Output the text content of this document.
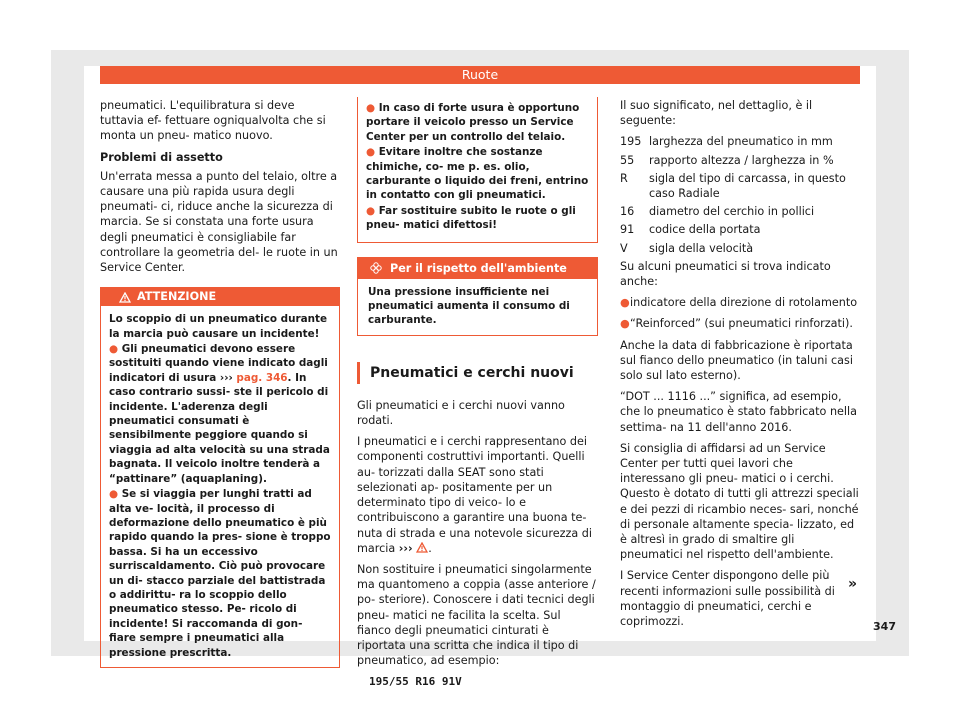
Ruote

pneumatici. L'equilibratura si deve tuttavia ef- fettuare ogniqualvolta che si monta un pneu- matico nuovo.

Problemi di assetto

Un'errata messa a punto del telaio, oltre a causare una più rapida usura degli pneumati- ci, riduce anche la sicurezza di marcia. Se si constata una forte usura degli pneumatici è consigliabile far controllare la geometria del- le ruote in un Service Center.

ATTENZIONE

Lo scoppio di un pneumatico durante la marcia può causare un incidente!

● Gli pneumatici devono essere sostituiti quando viene indicato dagli indicatori di usura ››› pag. 346. In caso contrario sussi- ste il pericolo di incidente. L'aderenza degli pneumatici consumati è sensibilmente peggiore quando si viaggia ad alta velocità su una strada bagnata. Il veicolo inoltre tenderà a “pattinare” (aquaplaning).

● Se si viaggia per lunghi tratti ad alta ve- locità, il processo di deformazione dello pneumatico è più rapido quando la pres- sione è troppo bassa. Si ha un eccessivo surriscaldamento. Ciò può provocare un di- stacco parziale del battistrada o addirittu- ra lo scoppio dello pneumatico stesso. Pe- ricolo di incidente! Si raccomanda di gon- fiare sempre i pneumatici alla pressione prescritta.

● In caso di forte usura è opportuno portare il veicolo presso un Service Center per un controllo del telaio.

● Evitare inoltre che sostanze chimiche, co- me p. es. olio, carburante o liquido dei freni, entrino in contatto con gli pneumatici.

● Far sostituire subito le ruote o gli pneu- matici difettosi!

Per il rispetto dell'ambiente
Una pressione insufficiente nei pneumatici aumenta il consumo di carburante.
Pneumatici e cerchi nuovi

Gli pneumatici e i cerchi nuovi vanno rodati.

I pneumatici e i cerchi rappresentano dei componenti costruttivi importanti. Quelli au- torizzati dalla SEAT sono stati selezionati ap- positamente per un determinato tipo di veico- lo e contribuiscono a garantire una buona te- nuta di strada e una notevole sicurezza di marcia ››› .

Non sostituire i pneumatici singolarmente ma quantomeno a coppia (asse anteriore / po- steriore). Conoscere i dati tecnici degli pneu- matici ne facilita la scelta. Sul fianco degli pneumatici cinturati è riportata una scritta che indica il tipo di pneumatico, ad esempio:

195/55 R16 91V

Il suo significato, nel dettaglio, è il seguente:

195 larghezza del pneumatico in mm
55	rapporto altezza / larghezza in %
R	sigla del tipo di carcassa, in questo caso Radiale
16	diametro del cerchio in pollici
91	codice della portata
V	sigla della velocità

Su alcuni pneumatici si trova indicato anche:

● indicatore della direzione di rotolamento
● “Reinforced” (sui pneumatici rinforzati).

Anche la data di fabbricazione è riportata sul fianco dello pneumatico (in taluni casi solo sul lato esterno).

“DOT ... 1116 ...” significa, ad esempio, che lo pneumatico è stato fabbricato nella settima- na 11 dell'anno 2016.

Si consiglia di affidarsi ad un Service Center per tutti quei lavori che interessano gli pneu- matici o i cerchi. Questo è dotato di tutti gli attrezzi speciali e dei pezzi di ricambio neces- sari, nonché di personale altamente specia- lizzato, ed è altresì in grado di smaltire gli pneumatici nel rispetto dell'ambiente.

I Service Center dispongono delle più recenti informazioni sulle possibilità di montaggio di pneumatici, cerchi e coprimozzi.

»
347
